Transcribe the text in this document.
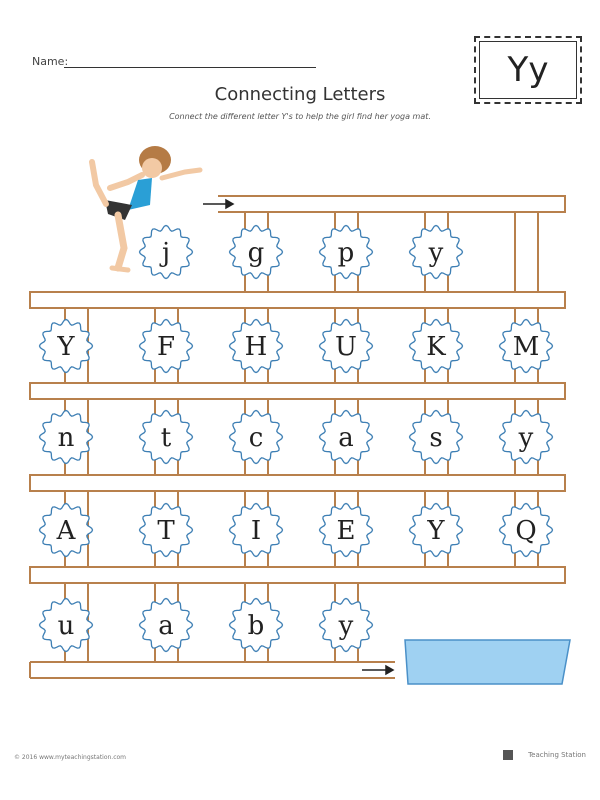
Name:
Connecting Letters
Connect the different letter Y's to help the girl find her yoga mat.
Yy
j	g	p	y
Y	F	H	U	K	M
n	t	c	a	s	y
A	T	I	E	Y	Q
u	a	b	y
© 2016 www.myteachingstation.com	Teaching Station
